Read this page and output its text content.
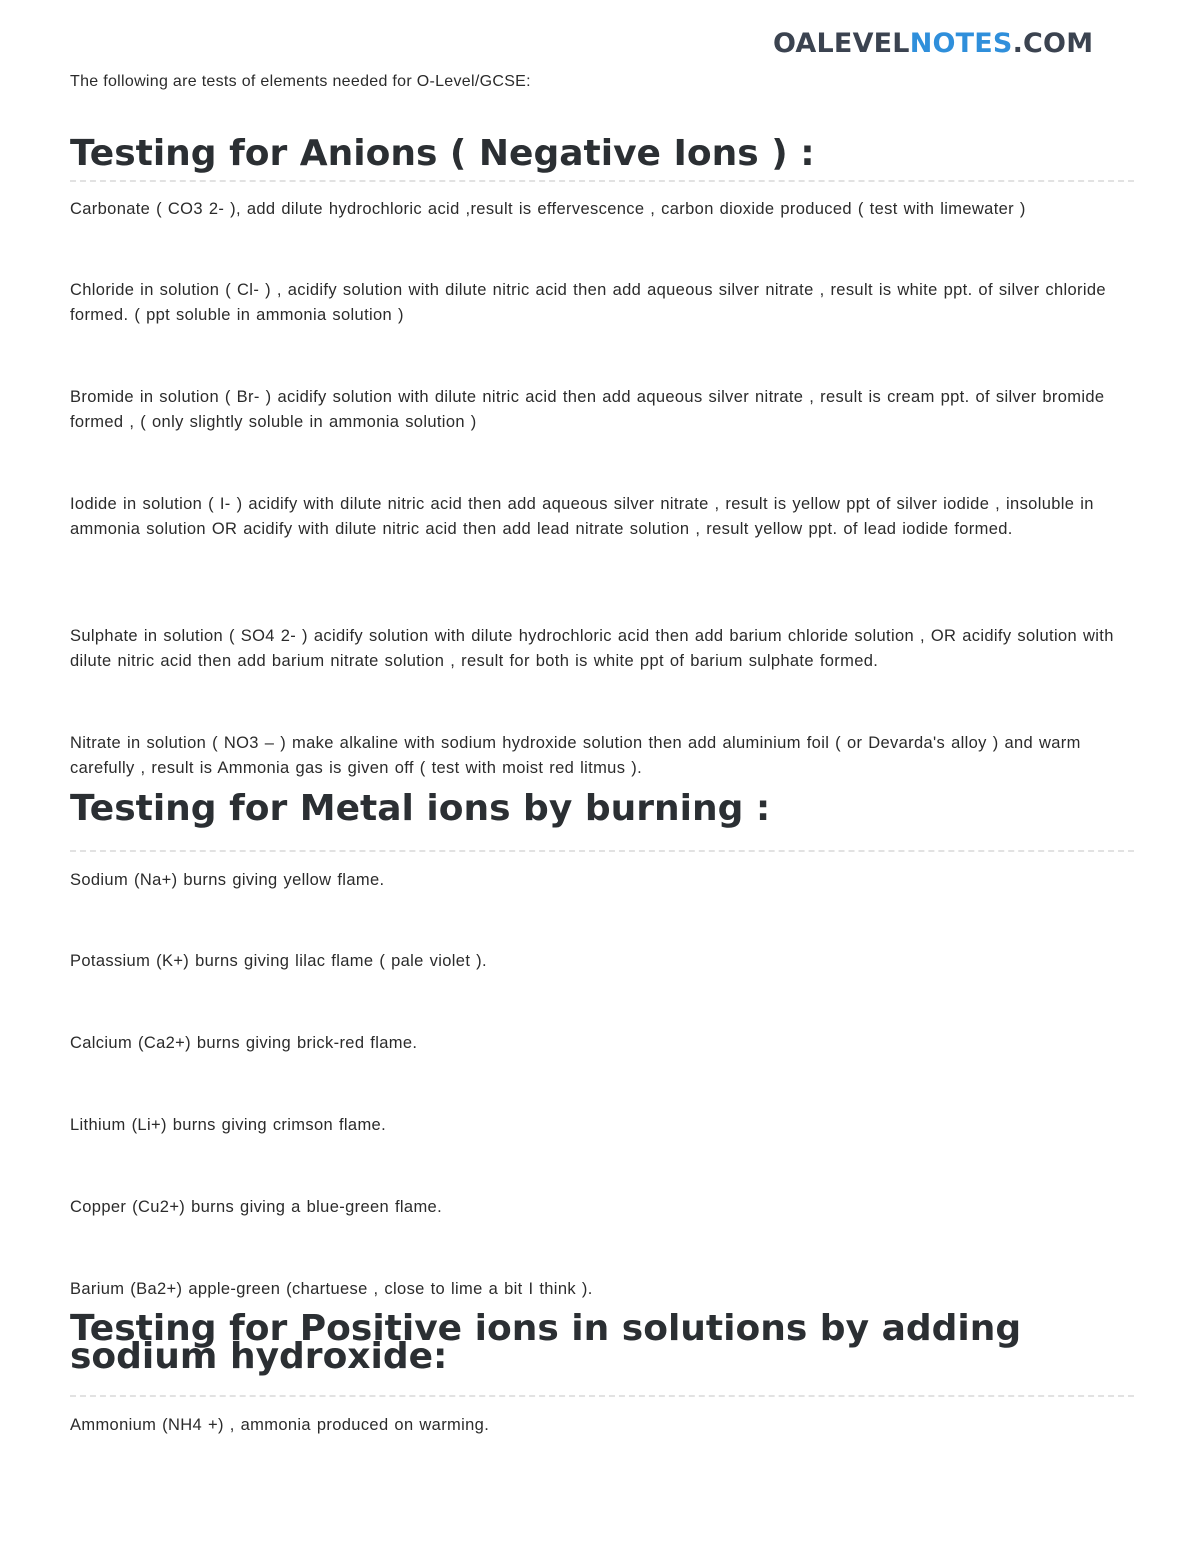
OALEVELNOTES.COM
The following are tests of elements needed for O-Level/GCSE:
Testing for Anions ( Negative Ions ) :

Carbonate ( CO3 2- ), add dilute hydrochloric acid ,result is effervescence , carbon dioxide produced ( test with limewater )

Chloride in solution ( Cl- ) , acidify solution with dilute nitric acid then add aqueous silver nitrate , result is white ppt. of silver chloride formed. ( ppt soluble in ammonia solution )

Bromide in solution ( Br- ) acidify solution with dilute nitric acid then add aqueous silver nitrate , result is cream ppt. of silver bromide formed , ( only slightly soluble in ammonia solution )

Iodide in solution ( I- ) acidify with dilute nitric acid then add aqueous silver nitrate , result is yellow ppt of silver iodide , insoluble in ammonia solution OR acidify with dilute nitric acid then add lead nitrate solution , result yellow ppt. of lead iodide formed.

Sulphate in solution ( SO4 2- ) acidify solution with dilute hydrochloric acid then add barium chloride solution , OR acidify solution with dilute nitric acid then add barium nitrate solution , result for both is white ppt of barium sulphate formed.

Nitrate in solution ( NO3 – ) make alkaline with sodium hydroxide solution then add aluminium foil ( or Devarda's alloy ) and warm carefully , result is Ammonia gas is given off ( test with moist red litmus ).

Testing for Metal ions by burning :

Sodium (Na+) burns giving yellow flame.

Potassium (K+) burns giving lilac flame ( pale violet ).

Calcium (Ca2+) burns giving brick-red flame.

Lithium (Li+) burns giving crimson flame.

Copper (Cu2+) burns giving a blue-green flame.

Barium (Ba2+) apple-green (chartuese , close to lime a bit I think ).

Testing for Positive ions in solutions by adding sodium hydroxide:

Ammonium (NH4 +) , ammonia produced on warming.
